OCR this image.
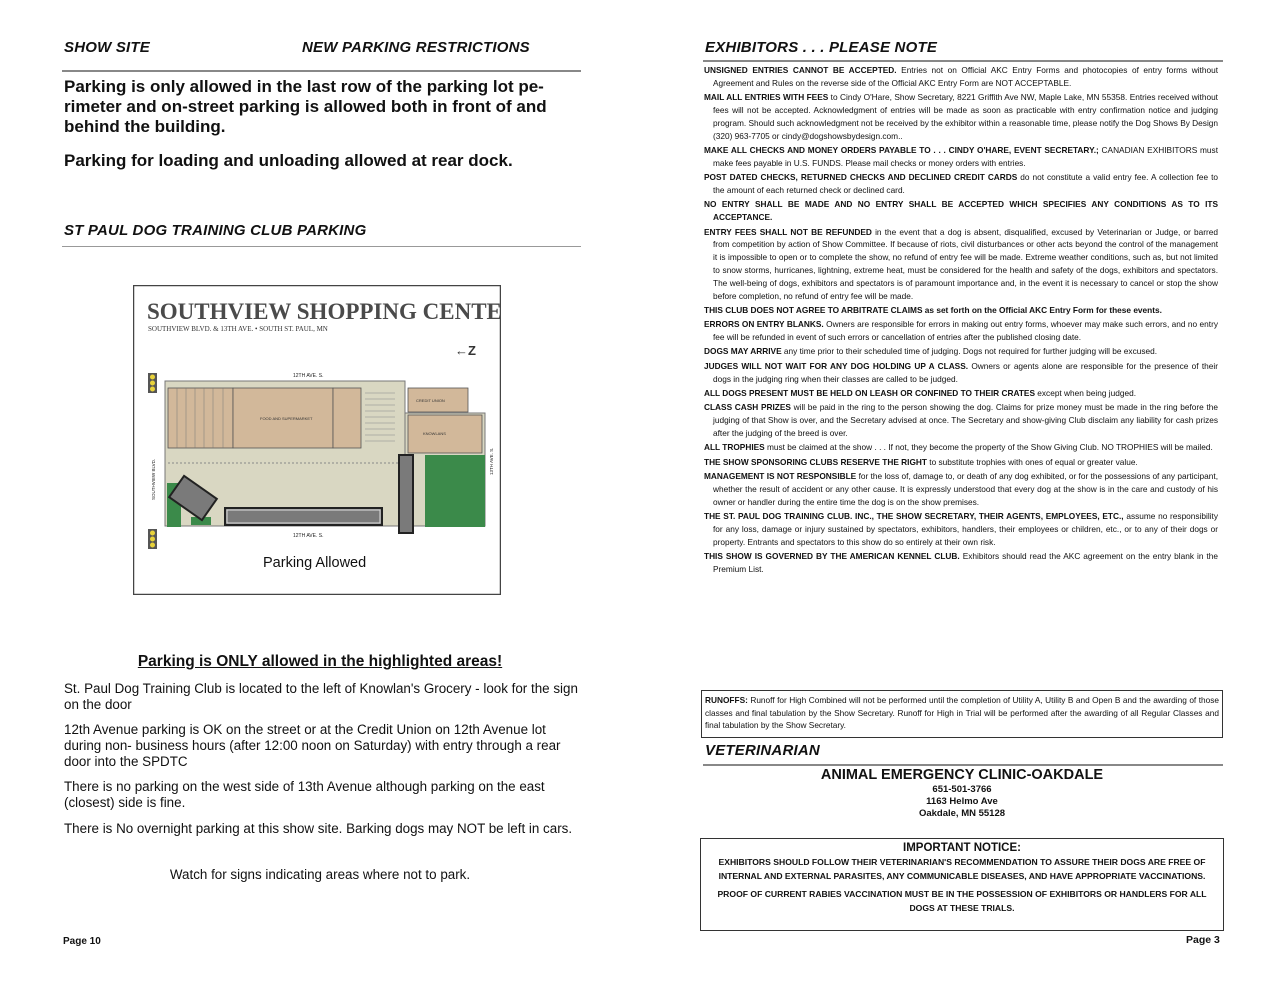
SHOW SITE	NEW PARKING RESTRICTIONS
Parking is only allowed in the last row of the parking lot pe-
rimeter and on-street parking is allowed both in front of and
behind the building.
Parking for loading and unloading allowed at rear dock.
ST PAUL DOG TRAINING CLUB PARKING
SOUTHVIEW SHOPPING CENTER
SOUTHVIEW BLVD. & 13TH AVE. • SOUTH ST. PAUL, MN
←Z
12TH AVE. S.
FOOD AND SUPERMARKET
KNOWLANS
CREDIT UNION
SOUTHVIEW BLVD.	13TH AVE. S.
12TH AVE. S.
Parking Allowed
Parking is ONLY allowed in the highlighted areas!
St. Paul Dog Training Club is located to the left of Knowlan's Grocery - look for the sign on the door
12th Avenue parking is OK on the street or at the Credit Union on 12th Avenue lot during non- business hours (after 12:00 noon on Saturday) with entry through a rear door into the SPDTC
There is no parking on the west side of 13th Avenue although parking on the east (closest) side is fine.
There is No overnight parking at this show site. Barking dogs may NOT be left in cars.
Watch for signs indicating areas where not to park.
Page 10
EXHIBITORS . . . PLEASE NOTE
UNSIGNED ENTRIES CANNOT BE ACCEPTED. Entries not on Official AKC Entry Forms and photocopies of entry forms without Agreement and Rules on the reverse side of the Official AKC Entry Form are NOT ACCEPTABLE.
MAIL ALL ENTRIES WITH FEES to Cindy O'Hare, Show Secretary, 8221 Griffith Ave NW, Maple Lake, MN 55358. Entries received without fees will not be accepted. Acknowledgment of entries will be made as soon as practicable with entry confirmation notice and judging program. Should such acknowledgment not be received by the exhibitor within a reasonable time, please notify the Dog Shows By Design (320) 963-7705 or cindy@dogshowsbydesign.com..
MAKE ALL CHECKS AND MONEY ORDERS PAYABLE TO . . . CINDY O'HARE, EVENT SECRETARY.; CANADIAN EXHIBITORS must make fees payable in U.S. FUNDS. Please mail checks or money orders with entries.
POST DATED CHECKS, RETURNED CHECKS AND DECLINED CREDIT CARDS do not constitute a valid entry fee. A collection fee to the amount of each returned check or declined card.
NO ENTRY SHALL BE MADE AND NO ENTRY SHALL BE ACCEPTED WHICH SPECIFIES ANY CONDITIONS AS TO ITS ACCEPTANCE.
ENTRY FEES SHALL NOT BE REFUNDED in the event that a dog is absent, disqualified, excused by Veterinarian or Judge, or barred from competition by action of Show Committee. If because of riots, civil disturbances or other acts beyond the control of the management it is impossible to open or to complete the show, no refund of entry fee will be made. Extreme weather conditions, such as, but not limited to snow storms, hurricanes, lightning, extreme heat, must be considered for the health and safety of the dogs, exhibitors and spectators. The well-being of dogs, exhibitors and spectators is of paramount importance and, in the event it is necessary to cancel or stop the show before completion, no refund of entry fee will be made.
THIS CLUB DOES NOT AGREE TO ARBITRATE CLAIMS as set forth on the Official AKC Entry Form for these events.
ERRORS ON ENTRY BLANKS. Owners are responsible for errors in making out entry forms, whoever may make such errors, and no entry fee will be refunded in event of such errors or cancellation of entries after the published closing date.
DOGS MAY ARRIVE any time prior to their scheduled time of judging. Dogs not required for further judging will be excused.
JUDGES WILL NOT WAIT FOR ANY DOG HOLDING UP A CLASS. Owners or agents alone are responsible for the presence of their dogs in the judging ring when their classes are called to be judged.
ALL DOGS PRESENT MUST BE HELD ON LEASH OR CONFINED TO THEIR CRATES except when being judged.
CLASS CASH PRIZES will be paid in the ring to the person showing the dog. Claims for prize money must be made in the ring before the judging of that Show is over, and the Secretary advised at once. The Secretary and show-giving Club disclaim any liability for cash prizes after the judging of the breed is over.
ALL TROPHIES must be claimed at the show . . . If not, they become the property of the Show Giving Club. NO TROPHIES will be mailed.
THE SHOW SPONSORING CLUBS RESERVE THE RIGHT to substitute trophies with ones of equal or greater value.
MANAGEMENT IS NOT RESPONSIBLE for the loss of, damage to, or death of any dog exhibited, or for the possessions of any participant, whether the result of accident or any other cause. It is expressly understood that every dog at the show is in the care and custody of his owner or handler during the entire time the dog is on the show premises.
THE ST. PAUL DOG TRAINING CLUB. INC., THE SHOW SECRETARY, THEIR AGENTS, EMPLOYEES, ETC., assume no responsibility for any loss, damage or injury sustained by spectators, exhibitors, handlers, their employees or children, etc., or to any of their dogs or property. Entrants and spectators to this show do so entirely at their own risk.
THIS SHOW IS GOVERNED BY THE AMERICAN KENNEL CLUB. Exhibitors should read the AKC agreement on the entry blank in the Premium List.
RUNOFFS: Runoff for High Combined will not be performed until the completion of Utility A, Utility B and Open B and the awarding of those classes and final tabulation by the Show Secretary. Runoff for High in Trial will be performed after the awarding of all Regular Classes and final tabulation by the Show Secretary.
VETERINARIAN
ANIMAL EMERGENCY CLINIC-OAKDALE
651-501-3766
1163 Helmo Ave
Oakdale, MN 55128
IMPORTANT NOTICE:
EXHIBITORS SHOULD FOLLOW THEIR VETERINARIAN'S RECOMMENDATION TO ASSURE THEIR DOGS ARE FREE OF INTERNAL AND EXTERNAL PARASITES, ANY COMMUNICABLE DISEASES, AND HAVE APPROPRIATE VACCINATIONS.
PROOF OF CURRENT RABIES VACCINATION MUST BE IN THE POSSESSION OF EXHIBITORS OR HANDLERS FOR ALL DOGS AT THESE TRIALS.
Page 3
